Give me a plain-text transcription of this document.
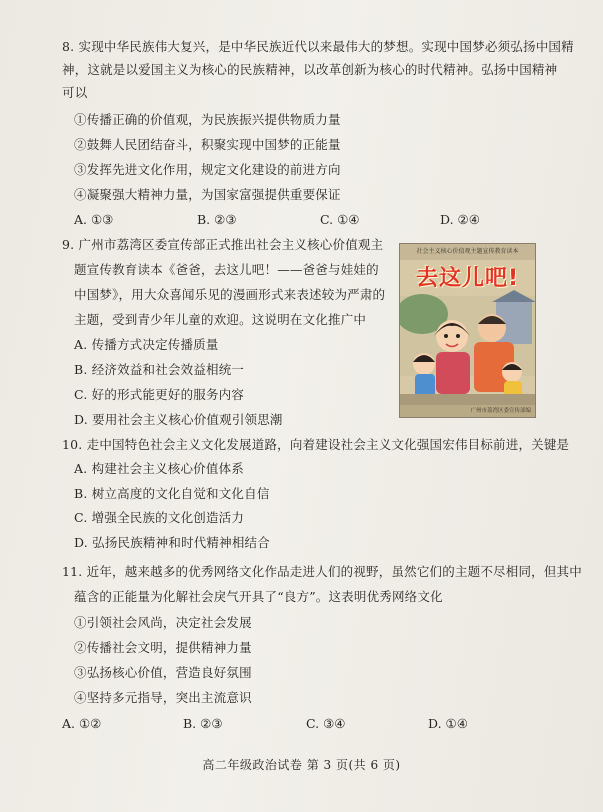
8. 实现中华民族伟大复兴，是中华民族近代以来最伟大的梦想。实现中国梦必须弘扬中国精
神，这就是以爱国主义为核心的民族精神，以改革创新为核心的时代精神。弘扬中国精神
可以
①传播正确的价值观，为民族振兴提供物质力量
②鼓舞人民团结奋斗，积聚实现中国梦的正能量
③发挥先进文化作用，规定文化建设的前进方向
④凝聚强大精神力量，为国家富强提供重要保证
A. ①③	B. ②③	C. ①④	D. ②④
9. 广州市荔湾区委宣传部正式推出社会主义核心价值观主
题宣传教育读本《爸爸，去这儿吧！——爸爸与娃娃的
中国梦》，用大众喜闻乐见的漫画形式来表述较为严肃的
主题，受到青少年儿童的欢迎。这说明在文化推广中
A. 传播方式决定传播质量
B. 经济效益和社会效益相统一
C. 好的形式能更好的服务内容
D. 要用社会主义核心价值观引领思潮
社会主义核心价值观主题宣传教育读本
去这儿吧!
广州市荔湾区委宣传部编
10. 走中国特色社会主义文化发展道路，向着建设社会主义文化强国宏伟目标前进，关键是
A. 构建社会主义核心价值体系
B. 树立高度的文化自觉和文化自信
C. 增强全民族的文化创造活力
D. 弘扬民族精神和时代精神相结合
11. 近年，越来越多的优秀网络文化作品走进人们的视野，虽然它们的主题不尽相同，但其中
蕴含的正能量为化解社会戾气开具了“良方”。这表明优秀网络文化
①引领社会风尚，决定社会发展
②传播社会文明，提供精神力量
③弘扬核心价值，营造良好氛围
④坚持多元指导，突出主流意识
A. ①②	B. ②③	C. ③④	D. ①④
高二年级政治试卷 第 3 页(共 6 页)
